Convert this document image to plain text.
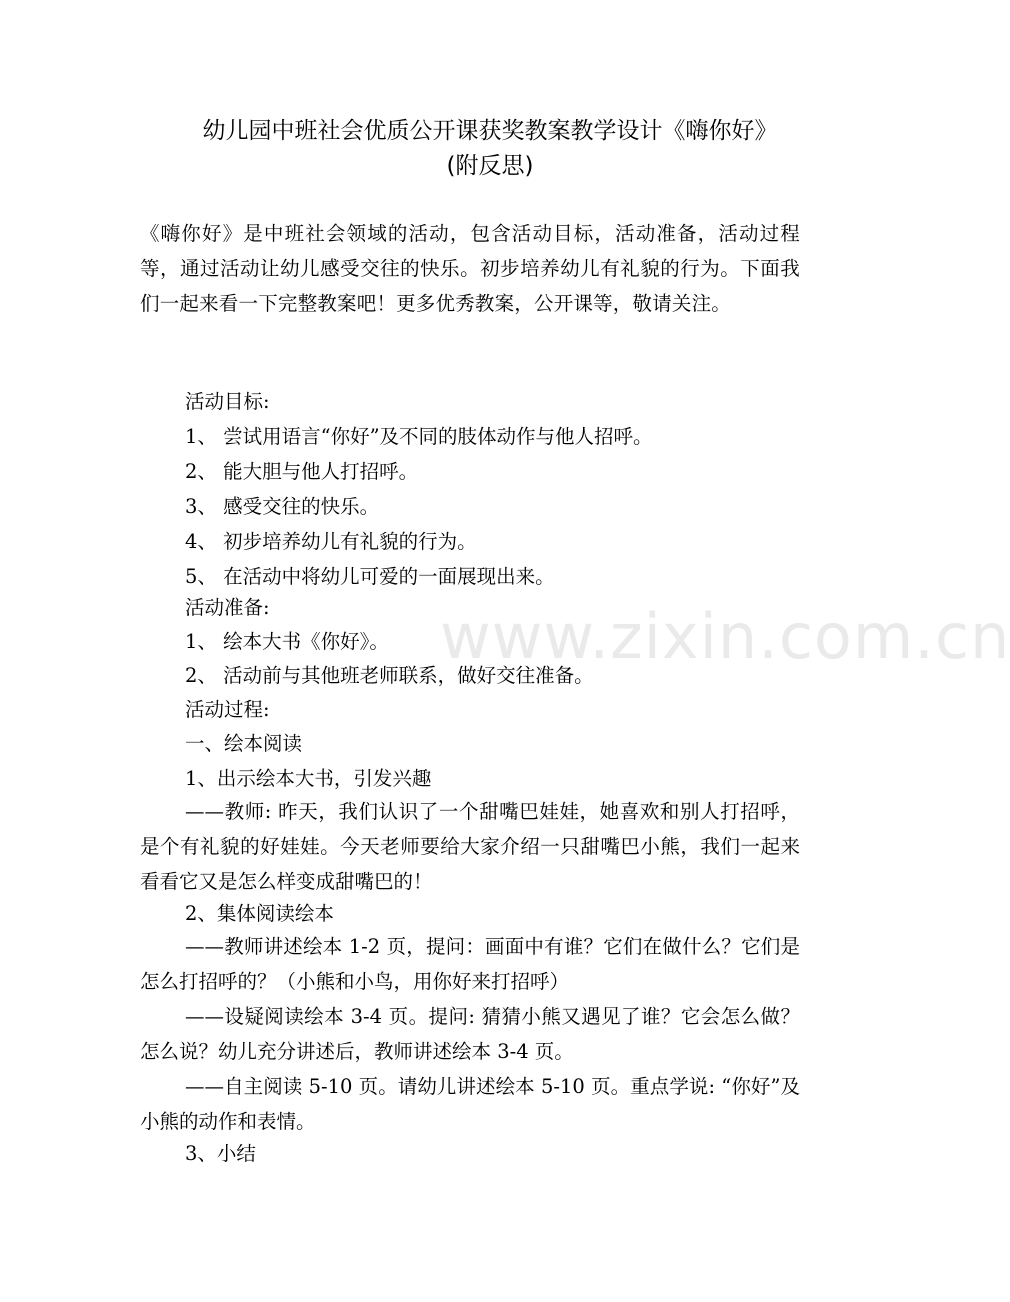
幼儿园中班社会优质公开课获奖教案教学设计《嗨你好》
(附反思)
《嗨你好》是中班社会领域的活动，包含活动目标，活动准备，活动过程等，通过活动让幼儿感受交往的快乐。初步培养幼儿有礼貌的行为。下面我们一起来看一下完整教案吧！更多优秀教案，公开课等，敬请关注。
活动目标:
1、 尝试用语言“你好”及不同的肢体动作与他人招呼。
2、 能大胆与他人打招呼。
3、 感受交往的快乐。
4、 初步培养幼儿有礼貌的行为。
5、 在活动中将幼儿可爱的一面展现出来。
活动准备:
1、 绘本大书《你好》。
2、 活动前与其他班老师联系，做好交往准备。
活动过程:
一、绘本阅读
1、出示绘本大书，引发兴趣
——教师: 昨天，我们认识了一个甜嘴巴娃娃，她喜欢和别人打招呼，是个有礼貌的好娃娃。今天老师要给大家介绍一只甜嘴巴小熊，我们一起来看看它又是怎么样变成甜嘴巴的！
2、集体阅读绘本
——教师讲述绘本 1-2 页，提问：画面中有谁？它们在做什么？它们是怎么打招呼的？（小熊和小鸟，用你好来打招呼）
——设疑阅读绘本 3-4 页。提问: 猜猜小熊又遇见了谁？它会怎么做？怎么说？幼儿充分讲述后，教师讲述绘本 3-4 页。
——自主阅读 5-10 页。请幼儿讲述绘本 5-10 页。重点学说: “你好”及小熊的动作和表情。
3、小结
www.zixin.com.cn
